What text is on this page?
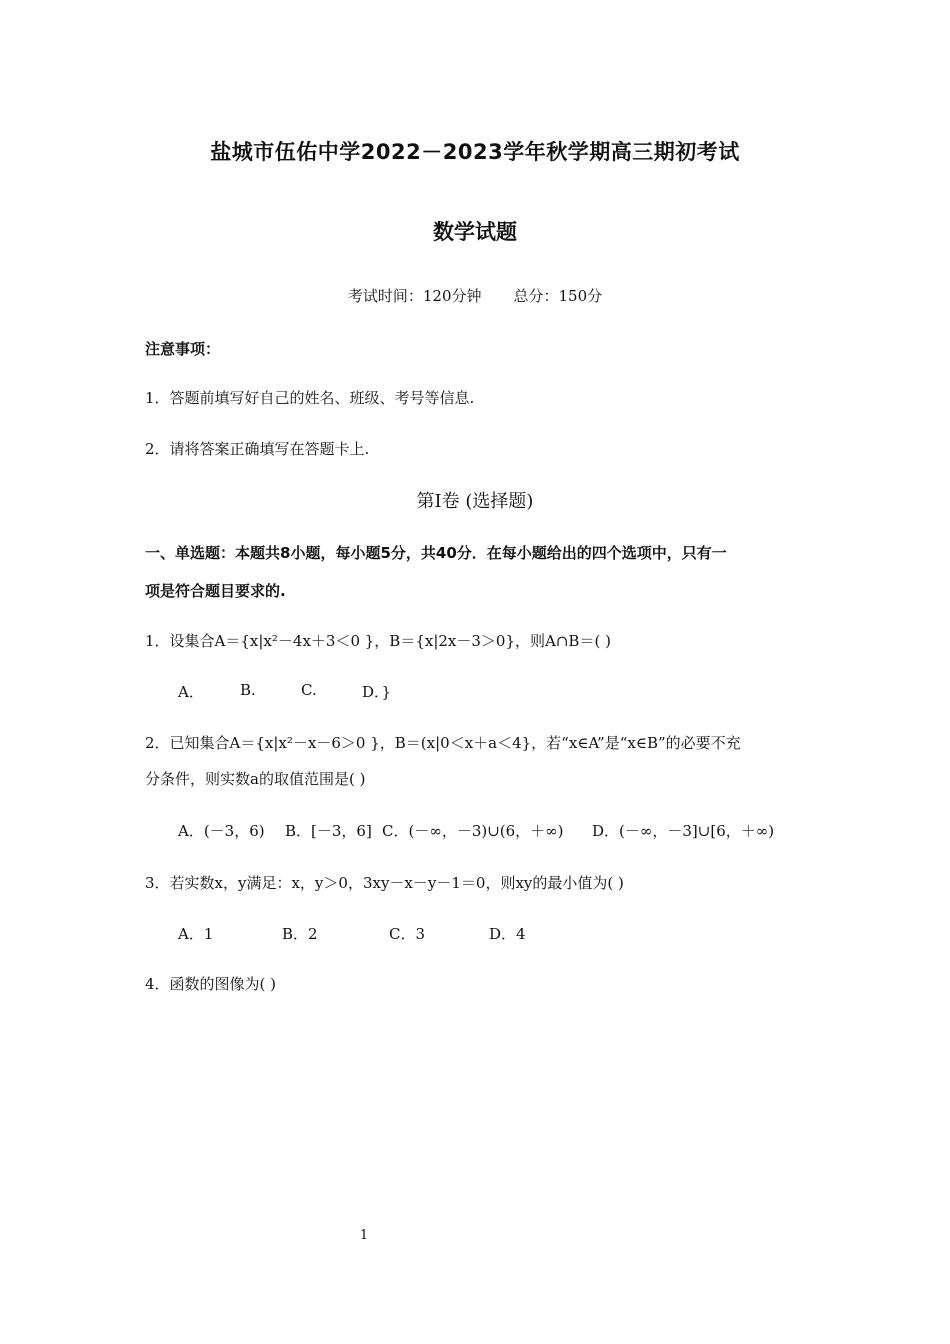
盐城市伍佑中学2022－2023学年秋学期高三期初考试
数学试题
考试时间：120分钟 总分：150分
注意事项：
1．答题前填写好自己的姓名、班级、考号等信息.
2．请将答案正确填写在答题卡上.
第I卷 (选择题)
一、单选题：本题共8小题，每小题5分，共40分．在每小题给出的四个选项中，只有一
项是符合题目要求的.
1．设集合A＝{x|x²－4x＋3＜0 }，B＝{x|2x－3＞0}，则A∩B＝( )
A． B.	C.	D．}
2．已知集合A＝{x|x²－x－6＞0 }，B＝(x|0＜x＋a＜4}，若“x∈A”是“x∈B”的必要不充
分条件，则实数a的取值范围是( )
A．(－3，6) B．[－3，6] C．(－∞，－3)∪(6，＋∞) D．(－∞，－3]∪[6，＋∞)
3．若实数x，y满足：x，y＞0，3xy－x－y－1＝0，则xy的最小值为( )
A．1	B．2	C．3	D．4
4．函数的图像为( )
1
